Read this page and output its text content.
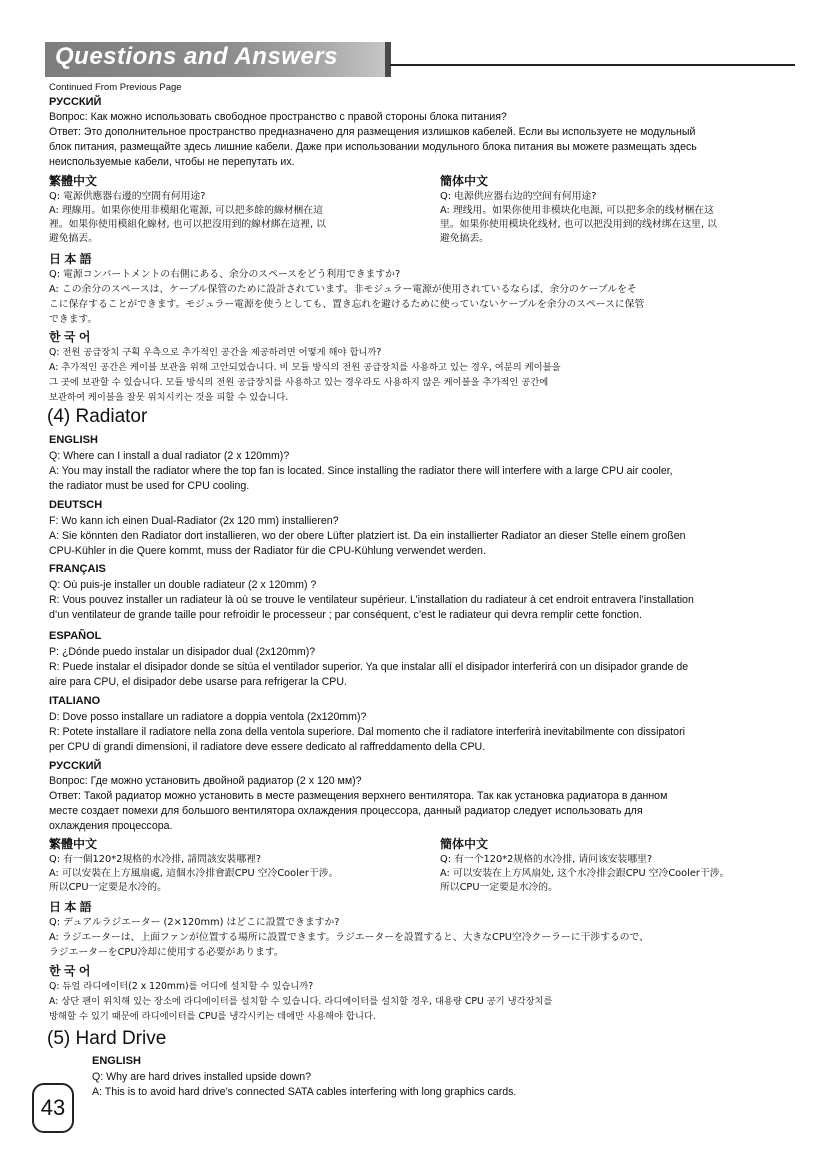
Questions and Answers
Continued From Previous Page
РУССКИЙ
Вопрос: Как можно использовать свободное пространство с правой стороны блока питания?
Ответ: Это дополнительное пространство предназначено для размещения излишков кабелей. Если вы используете не модульный
блок питания, размещайте здесь лишние кабели. Даже при использовании модульного блока питания вы можете размещать здесь
неиспользуемые кабели, чтобы не перепутать их.
繁體中文
Q: 電源供應器右邊的空間有何用途?
A: 理線用。如果你使用非模組化電源, 可以把多餘的線材梱在這
裡。如果你使用模組化線材, 也可以把沒用到的線材綁在這裡, 以
避免搞丟。
簡体中文
Q: 电源供应器右边的空间有何用途?
A: 理线用。如果你使用非模块化电源, 可以把多余的线材梱在这
里。如果你使用模块化线材, 也可以把没用到的线材绑在这里, 以
避免搞丢。
日 本 語
Q: 電源コンパートメントの右側にある、余分のスペースをどう利用できますか?
A: この余分のスペースは、ケーブル保管のために設計されています。非モジュラー電源が使用されているならば、余分のケーブルをそ
こに保存することができます。モジュラー電源を使うとしても、置き忘れを避けるために使っていないケーブルを余分のスペースに保管
できます。
한 국 어
Q: 전원 공급장치 구획 우측으로 추가적인 공간을 제공하려면 어떻게 해야 합니까?
A: 추가적인 공간은 케이블 보관을 위해 고안되었습니다. 비 모듈 방식의 전원 공급장치를 사용하고 있는 경우, 여분의 케이블을
그 곳에 보관할 수 있습니다. 모듈 방식의 전원 공급장치를 사용하고 있는 경우라도 사용하지 않은 케이블을 추가적인 공간에
보관하여 케이블을 잘못 위치시키는 것을 피할 수 있습니다.
(4) Radiator
ENGLISH
Q: Where can I install a dual radiator (2 x 120mm)?
A: You may install the radiator where the top fan is located. Since installing the radiator there will interfere with a large CPU air cooler,
the radiator must be used for CPU cooling.
DEUTSCH
F: Wo kann ich einen Dual-Radiator (2x 120 mm) installieren?
A: Sie könnten den Radiator dort installieren, wo der obere Lüfter platziert ist. Da ein installierter Radiator an dieser Stelle einem großen
CPU-Kühler in die Quere kommt, muss der Radiator für die CPU-Kühlung verwendet werden.
FRANÇAIS
Q: Où puis-je installer un double radiateur (2 x 120mm) ?
R: Vous pouvez installer un radiateur là où se trouve le ventilateur supérieur. L’installation du radiateur à cet endroit entravera l’installation
d’un ventilateur de grande taille pour refroidir le processeur ; par conséquent, c’est le radiateur qui devra remplir cette fonction.
ESPAÑOL
P: ¿Dónde puedo instalar un disipador dual (2x120mm)?
R: Puede instalar el disipador donde se sitúa el ventilador superior. Ya que instalar allí el disipador interferirá con un disipador grande de
aire para CPU, el disipador debe usarse para refrigerar la CPU.
ITALIANO
D: Dove posso installare un radiatore a doppia ventola (2x120mm)?
R: Potete installare il radiatore nella zona della ventola superiore. Dal momento che il radiatore interferirà inevitabilmente con dissipatori
per CPU di grandi dimensioni, il radiatore deve essere dedicato al raffreddamento della CPU.
РУССКИЙ
Вопрос: Где можно установить двойной радиатор (2 x 120 мм)?
Ответ: Такой радиатор можно установить в месте размещения верхнего вентилятора. Так как установка радиатора в данном
месте создает помехи для большого вентилятора охлаждения процессора, данный радиатор следует использовать для
охлаждения процессора.
繁體中文
Q: 有一個120*2規格的水冷排, 請問該安裝哪裡?
A: 可以安裝在上方風扇處, 這個水冷排會跟CPU 空冷Cooler干涉。
所以CPU一定要是水冷的。
簡体中文
Q: 有一个120*2规格的水冷排, 请问该安装哪里?
A: 可以安装在上方风扇处, 这个水冷排会跟CPU 空冷Cooler干涉。
所以CPU一定要是水冷的。
日 本 語
Q: デュアルラジエーター (2×120mm) はどこに設置できますか?
A: ラジエーターは、上面ファンが位置する場所に設置できます。ラジエーターを設置すると、大きなCPU空冷クーラーに干渉するので、
ラジエーターをCPU冷却に使用する必要があります。
한 국 어
Q: 듀얼 라디에이터(2 x 120mm)를 어디에 설치할 수 있습니까?
A: 상단 팬이 위치해 있는 장소에 라디에이터를 설치할 수 있습니다. 라디에이터를 설치할 경우, 대용량 CPU 공기 냉각장치를
방해할 수 있기 때문에 라디에이터를 CPU를 냉각시키는 데에만 사용해야 합니다.
(5) Hard Drive
ENGLISH
Q: Why are hard drives installed upside down?
A: This is to avoid hard drive’s connected SATA cables interfering with long graphics cards.
43
